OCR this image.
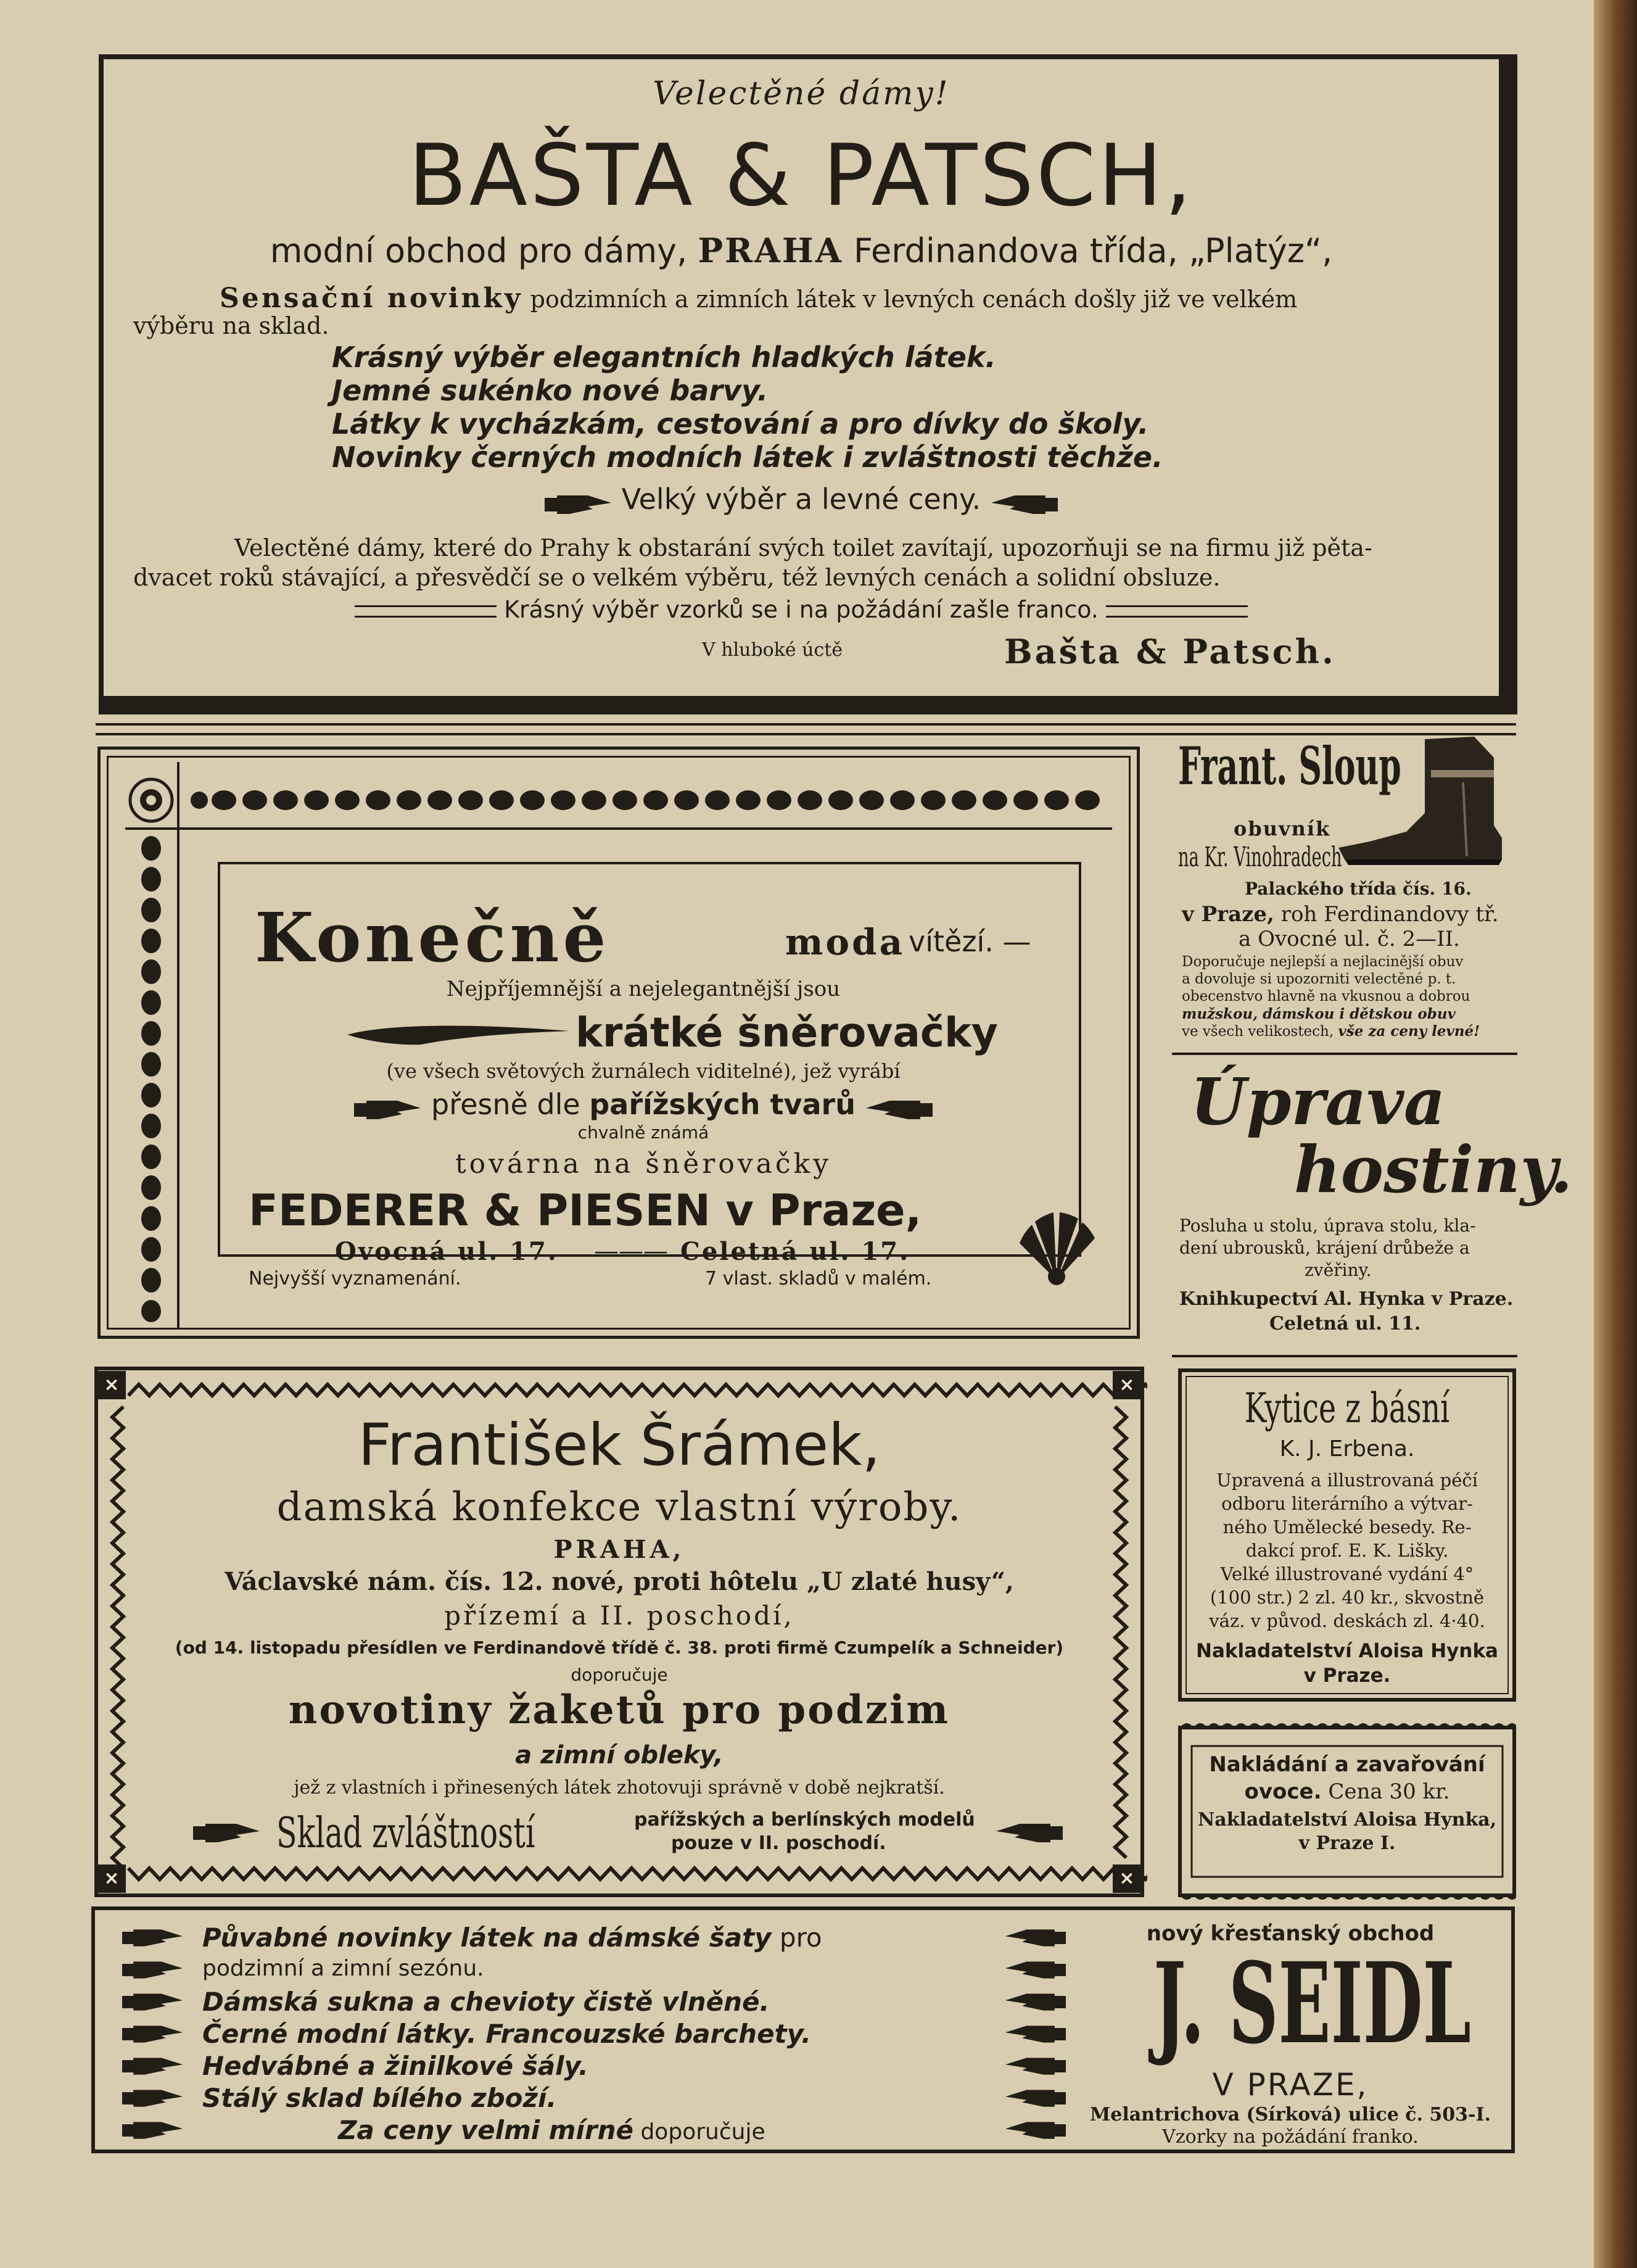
Velectěné dámy!
BAŠTA & PATSCH,
modní obchod pro dámy, PRAHA Ferdinandova třída, „Platýz“,
Sensační novinky podzimních a zimních látek v levných cenách došly již ve velkém
výběru na sklad.
Krásný výběr elegantních hladkých látek.
Jemné sukénko nové barvy.
Látky k vycházkám, cestování a pro dívky do školy.
Novinky černých modních látek i zvláštnosti těchže.
Velký výběr a levné ceny.
Velectěné dámy, které do Prahy k obstarání svých toilet zavítají, upozorňuji se na firmu již pěta-
dvacet roků stávající, a přesvědčí se o velkém výběru, též levných cenách a solidní obsluze.
Krásný výběr vzorků se i na požádání zašle franco.
V hluboké úctě	Bašta & Patsch.
Konečně	moda vítězí. —
Nejpříjemnější a nejelegantnější jsou
krátké šněrovačky
(ve všech světových žurnálech viditelné), jež vyrábí
přesně dle pařížských tvarů
chvalně známá
továrna na šněrovačky
FEDERER & PIESEN v Praze,
Ovocná ul. 17. ——— Celetná ul. 17.
Nejvyšší vyznamenání.	7 vlast. skladů v malém.
Frant. Sloup
obuvník
na Kr. Vinohradech
Palackého třída čís. 16.
v Praze, roh Ferdinandovy tř.
a Ovocné ul. č. 2—II.
Doporučuje nejlepší a nejlacinější obuv
a dovoluje si upozorniti velectěné p. t.
obecenstvo hlavně na vkusnou a dobrou
mužskou, dámskou i dětskou obuv
ve všech velikostech, vše za ceny levné!
Úprava
hostiny.
Posluha u stolu, úprava stolu, kla-
dení ubrousků, krájení drůbeže a
zvěřiny.
Knihkupectví Al. Hynka v Praze.
Celetná ul. 11.
Kytice z básní
K. J. Erbena.
Upravená a illustrovaná péčí
odboru literárního a výtvar-
ného Umělecké besedy. Re-
dakcí prof. E. K. Lišky.
Velké illustrované vydání 4°
(100 str.) 2 zl. 40 kr., skvostně
váz. v původ. deskách zl. 4·40.
Nakladatelství Aloisa Hynka
v Praze.
Nakládání a zavařování
ovoce. Cena 30 kr.
Nakladatelství Aloisa Hynka,
v Praze I.
×	×
×	×
František Šrámek,
damská konfekce vlastní výroby.
PRAHA,
Václavské nám. čís. 12. nové, proti hôtelu „U zlaté husy“,
přízemí a II. poschodí,
(od 14. listopadu přesídlen ve Ferdinandově třídě č. 38. proti firmě Czumpelík a Schneider)
doporučuje
novotiny žaketů pro podzim
a zimní obleky,
jež z vlastních i přinesených látek zhotovuji správně v době nejkratší.
Sklad zvláštností	pařížských a berlínských modelů
pouze v II. poschodí.
Půvabné novinky látek na dámské šaty pro
podzimní a zimní sezónu.
Dámská sukna a chevioty čistě vlněné.
Černé modní látky. Francouzské barchety.
Hedvábné a žinilkové šály.
Stálý sklad bílého zboží.
Za ceny velmi mírné doporučuje
nový křesťanský obchod
J. SEIDL
V PRAZE,
Melantrichova (Sírková) ulice č. 503-I.
Vzorky na požádání franko.
